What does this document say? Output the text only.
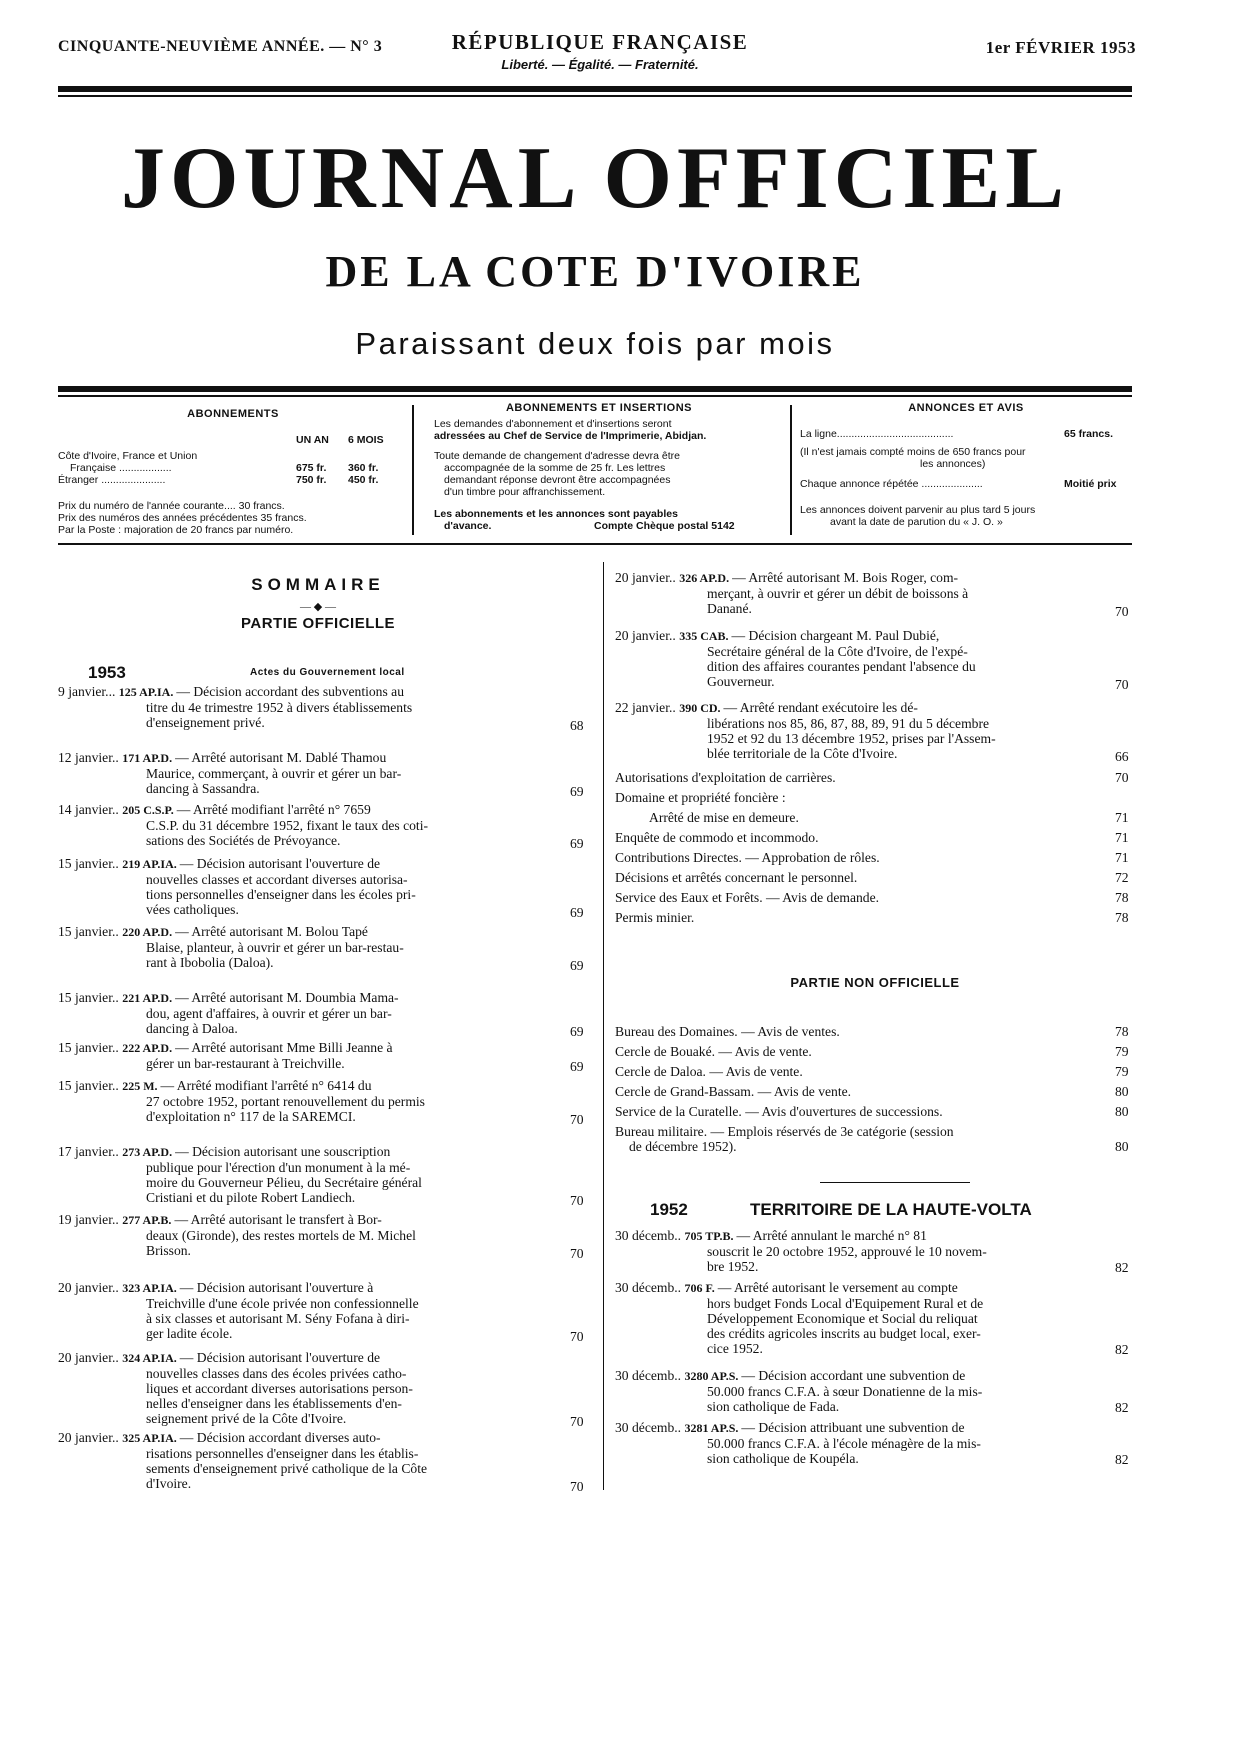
CINQUANTE-NEUVIÈME ANNÉE. — N° 3	RÉPUBLIQUE FRANÇAISE
Liberté. — Égalité. — Fraternité.
1er FÉVRIER 1953
JOURNAL OFFICIEL
DE LA COTE D'IVOIRE
Paraissant deux fois par mois
ABONNEMENTS
UN AN 6 MOIS
Côte d'Ivoire, France et Union
Française ..................	675 fr. 360 fr.
Étranger ......................	750 fr. 450 fr.
Prix du numéro de l'année courante.... 30 francs.
Prix des numéros des années précédentes 35 francs.
Par la Poste : majoration de 20 francs par numéro.
ABONNEMENTS ET INSERTIONS
Les demandes d'abonnement et d'insertions seront
adressées au Chef de Service de l'Imprimerie, Abidjan.
Toute demande de changement d'adresse devra être
accompagnée de la somme de 25 fr. Les lettres
demandant réponse devront être accompagnées
d'un timbre pour affranchissement.
Les abonnements et les annonces sont payables
d'avance.	Compte Chèque postal 5142
ANNONCES ET AVIS
La ligne........................................	65 francs.
(Il n'est jamais compté moins de 650 francs pour
les annonces)
Chaque annonce répétée .....................	Moitié prix
Les annonces doivent parvenir au plus tard 5 jours
avant la date de parution du « J. O. »
SOMMAIRE
— ◆ —
PARTIE OFFICIELLE
1953	Actes du Gouvernement local
9 janvier... 125 AP.IA. — Décision accordant des subventions au
titre du 4e trimestre 1952 à divers établissements
d'enseignement privé.	68
12 janvier.. 171 AP.D. — Arrêté autorisant M. Dablé Thamou
Maurice, commerçant, à ouvrir et gérer un bar-
dancing à Sassandra.	69
14 janvier.. 205 C.S.P. — Arrêté modifiant l'arrêté n° 7659
C.S.P. du 31 décembre 1952, fixant le taux des coti-
sations des Sociétés de Prévoyance.	69
15 janvier.. 219 AP.IA. — Décision autorisant l'ouverture de
nouvelles classes et accordant diverses autorisa-
tions personnelles d'enseigner dans les écoles pri-
vées catholiques.	69
15 janvier.. 220 AP.D. — Arrêté autorisant M. Bolou Tapé
Blaise, planteur, à ouvrir et gérer un bar-restau-
rant à Ibobolia (Daloa).	69
15 janvier.. 221 AP.D. — Arrêté autorisant M. Doumbia Mama-
dou, agent d'affaires, à ouvrir et gérer un bar-
dancing à Daloa.	69
15 janvier.. 222 AP.D. — Arrêté autorisant Mme Billi Jeanne à
gérer un bar-restaurant à Treichville.	69
15 janvier.. 225 M. — Arrêté modifiant l'arrêté n° 6414 du
27 octobre 1952, portant renouvellement du permis
d'exploitation n° 117 de la SAREMCI.	70
17 janvier.. 273 AP.D. — Décision autorisant une souscription
publique pour l'érection d'un monument à la mé-
moire du Gouverneur Pélieu, du Secrétaire général
Cristiani et du pilote Robert Landiech.	70
19 janvier.. 277 AP.B. — Arrêté autorisant le transfert à Bor-
deaux (Gironde), des restes mortels de M. Michel
Brisson.	70
20 janvier.. 323 AP.IA. — Décision autorisant l'ouverture à
Treichville d'une école privée non confessionnelle
à six classes et autorisant M. Sény Fofana à diri-
ger ladite école.	70
20 janvier.. 324 AP.IA. — Décision autorisant l'ouverture de
nouvelles classes dans des écoles privées catho-
liques et accordant diverses autorisations person-
nelles d'enseigner dans les établissements d'en-
seignement privé de la Côte d'Ivoire.	70
20 janvier.. 325 AP.IA. — Décision accordant diverses auto-
risations personnelles d'enseigner dans les établis-
sements d'enseignement privé catholique de la Côte
d'Ivoire.	70
20 janvier.. 326 AP.D. — Arrêté autorisant M. Bois Roger, com-
merçant, à ouvrir et gérer un débit de boissons à
Danané.	70
20 janvier.. 335 CAB. — Décision chargeant M. Paul Dubié,
Secrétaire général de la Côte d'Ivoire, de l'expé-
dition des affaires courantes pendant l'absence du
Gouverneur.	70
22 janvier.. 390 CD. — Arrêté rendant exécutoire les dé-
libérations nos 85, 86, 87, 88, 89, 91 du 5 décembre
1952 et 92 du 13 décembre 1952, prises par l'Assem-
blée territoriale de la Côte d'Ivoire.	66
Autorisations d'exploitation de carrières.	70
Domaine et propriété foncière :
Arrêté de mise en demeure.	71
Enquête de commodo et incommodo.	71
Contributions Directes. — Approbation de rôles.	71
Décisions et arrêtés concernant le personnel.	72
Service des Eaux et Forêts. — Avis de demande.	78
Permis minier.	78
PARTIE NON OFFICIELLE
Bureau des Domaines. — Avis de ventes.	78
Cercle de Bouaké. — Avis de vente.	79
Cercle de Daloa. — Avis de vente.	79
Cercle de Grand-Bassam. — Avis de vente.	80
Service de la Curatelle. — Avis d'ouvertures de successions.	80
Bureau militaire. — Emplois réservés de 3e catégorie (session
de décembre 1952).	80
1952	TERRITOIRE DE LA HAUTE-VOLTA
30 décemb.. 705 TP.B. — Arrêté annulant le marché n° 81
souscrit le 20 octobre 1952, approuvé le 10 novem-
bre 1952.	82
30 décemb.. 706 F. — Arrêté autorisant le versement au compte
hors budget Fonds Local d'Equipement Rural et de
Développement Economique et Social du reliquat
des crédits agricoles inscrits au budget local, exer-
cice 1952.	82
30 décemb.. 3280 AP.S. — Décision accordant une subvention de
50.000 francs C.F.A. à sœur Donatienne de la mis-
sion catholique de Fada.	82
30 décemb.. 3281 AP.S. — Décision attribuant une subvention de
50.000 francs C.F.A. à l'école ménagère de la mis-
sion catholique de Koupéla.	82
